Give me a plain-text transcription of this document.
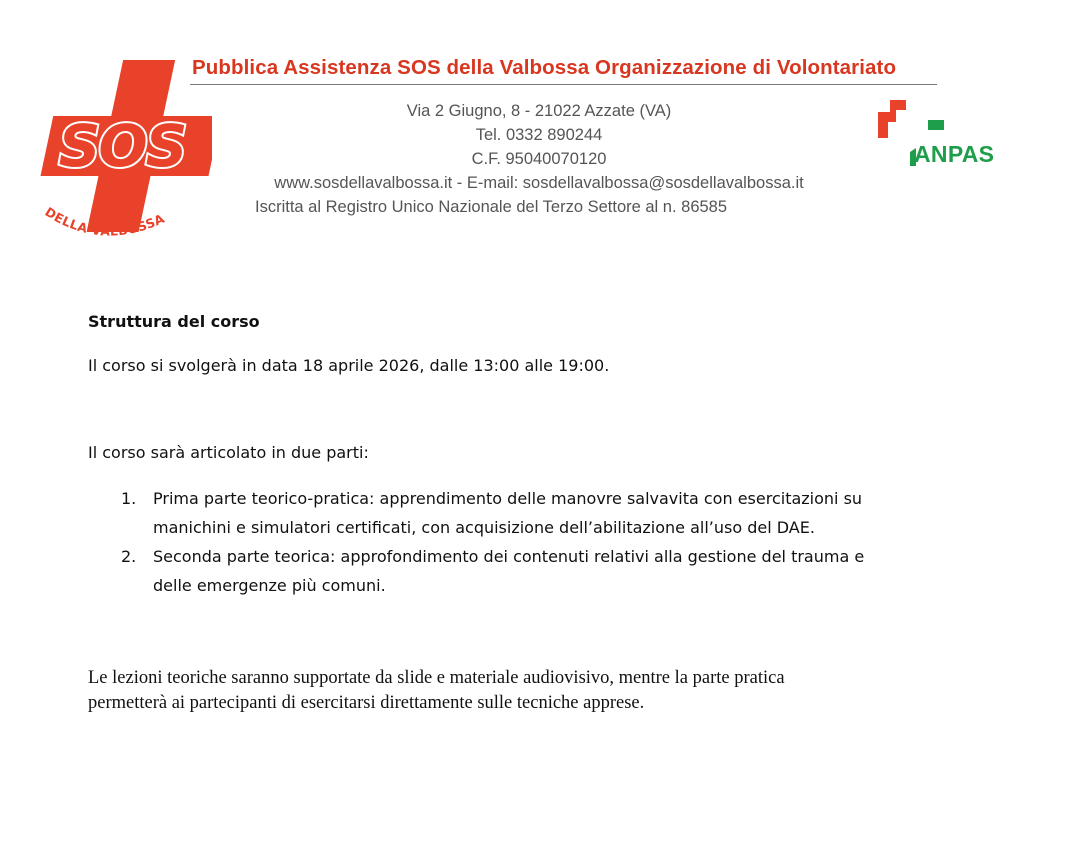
SOS
DELLA VALBOSSA
Pubblica Assistenza SOS della Valbossa Organizzazione di Volontariato
Via 2 Giugno, 8 - 21022 Azzate (VA)
Tel. 0332 890244
C.F. 95040070120
www.sosdellavalbossa.it - E-mail: sosdellavalbossa@sosdellavalbossa.it
Iscritta al Registro Unico Nazionale del Terzo Settore al n. 86585
ANPAS
Struttura del corso

Il corso si svolgerà in data 18 aprile 2026, dalle 13:00 alle 19:00.

Il corso sarà articolato in due parti:

1. Prima parte teorico-pratica: apprendimento delle manovre salvavita con esercitazioni su
manichini e simulatori certificati, con acquisizione dell’abilitazione all’uso del DAE.
2. Seconda parte teorica: approfondimento dei contenuti relativi alla gestione del trauma e
delle emergenze più comuni.

Le lezioni teoriche saranno supportate da slide e materiale audiovisivo, mentre la parte pratica
permetterà ai partecipanti di esercitarsi direttamente sulle tecniche apprese.
